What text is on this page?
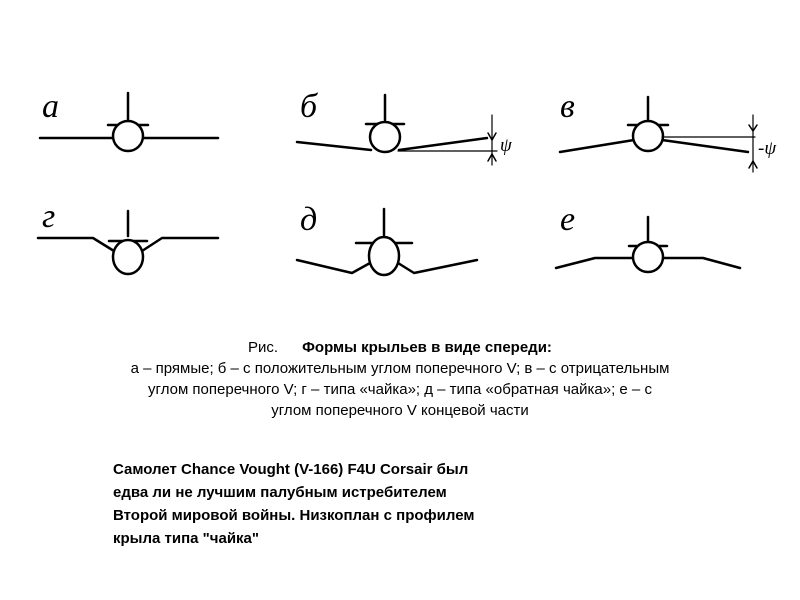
а	б	в
г	д	е
ψ	-ψ
Рис. Формы крыльев в виде спереди:
а – прямые; б – с положительным углом поперечного V; в – с отрицательным
углом поперечного V; г – типа «чайка»; д – типа «обратная чайка»; е – с
углом поперечного V концевой части
Самолет Chance Vought (V-166) F4U Corsair был
едва ли не лучшим палубным истребителем
Второй мировой войны. Низкоплан с профилем
крыла типа "чайка"
